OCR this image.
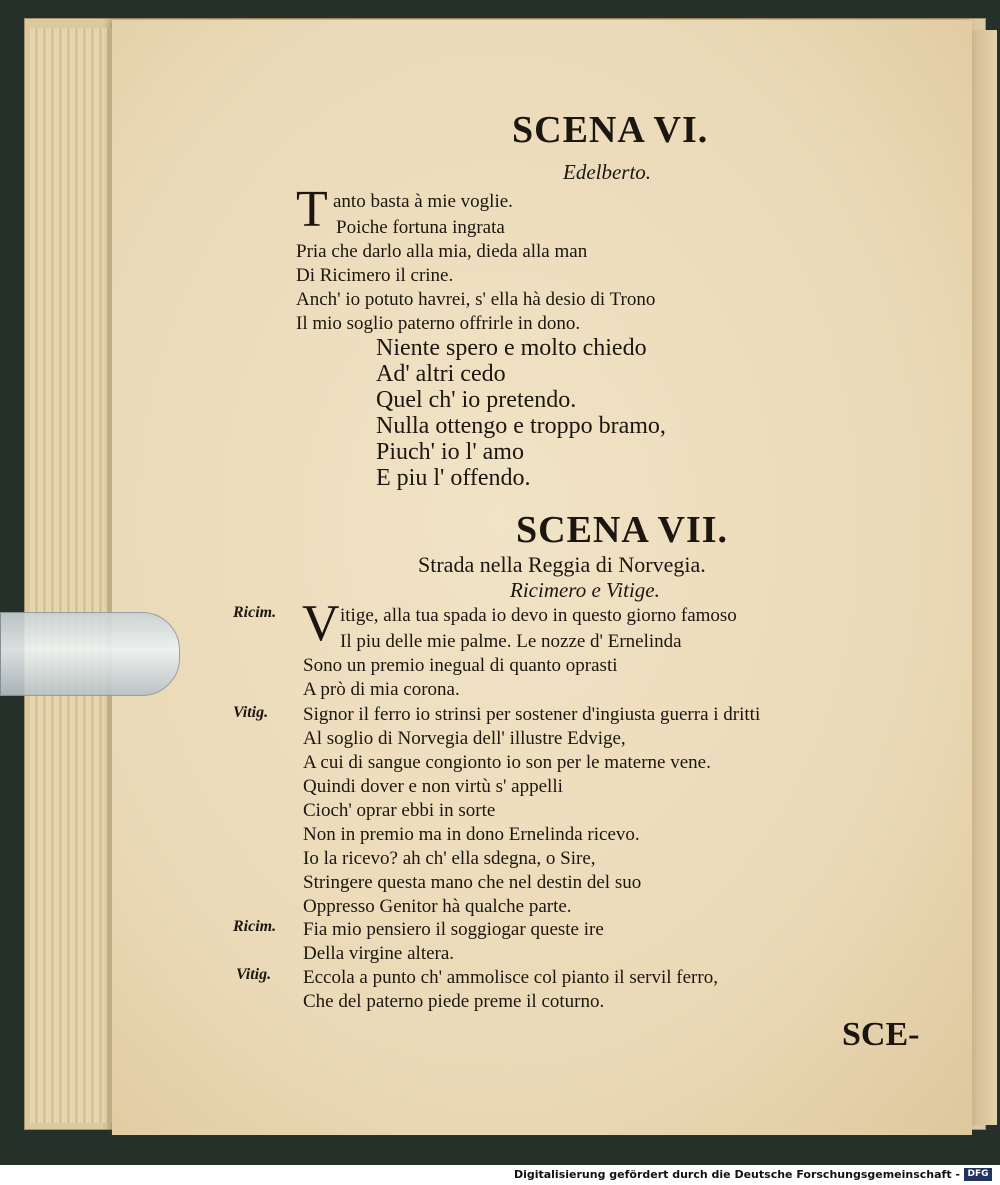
SCENA VI.
Edelberto.
T anto basta à mie voglie.
Poiche fortuna ingrata
Pria che darlo alla mia, dieda alla man
Di Ricimero il crine.
Anch' io potuto havrei, s' ella hà desio di Trono
Il mio soglio paterno offrirle in dono.
Niente spero e molto chiedo
Ad' altri cedo
Quel ch' io pretendo.
Nulla ottengo e troppo bramo,
Piuch' io l' amo
E piu l' offendo.
SCENA VII.
Strada nella Reggia di Norvegia.
Ricimero e Vitige.
Ricim. V itige, alla tua spada io devo in questo giorno famoso
Il piu delle mie palme. Le nozze d' Ernelinda
Sono un premio inegual di quanto oprasti
A prò di mia corona.
Vitig. Signor il ferro io strinsi per sostener d'ingiusta guerra i dritti
Al soglio di Norvegia dell' illustre Edvige,
A cui di sangue congionto io son per le materne vene.
Quindi dover e non virtù s' appelli
Cioch' oprar ebbi in sorte
Non in premio ma in dono Ernelinda ricevo.
Io la ricevo? ah ch' ella sdegna, o Sire,
Stringere questa mano che nel destin del suo
Oppresso Genitor hà qualche parte.
Ricim. Fia mio pensiero il soggiogar queste ire
Della virgine altera.
Vitig. Eccola a punto ch' ammolisce col pianto il servil ferro,
Che del paterno piede preme il coturno.
SCE-
Digitalisierung gefördert durch die Deutsche Forschungsgemeinschaft - DFG
